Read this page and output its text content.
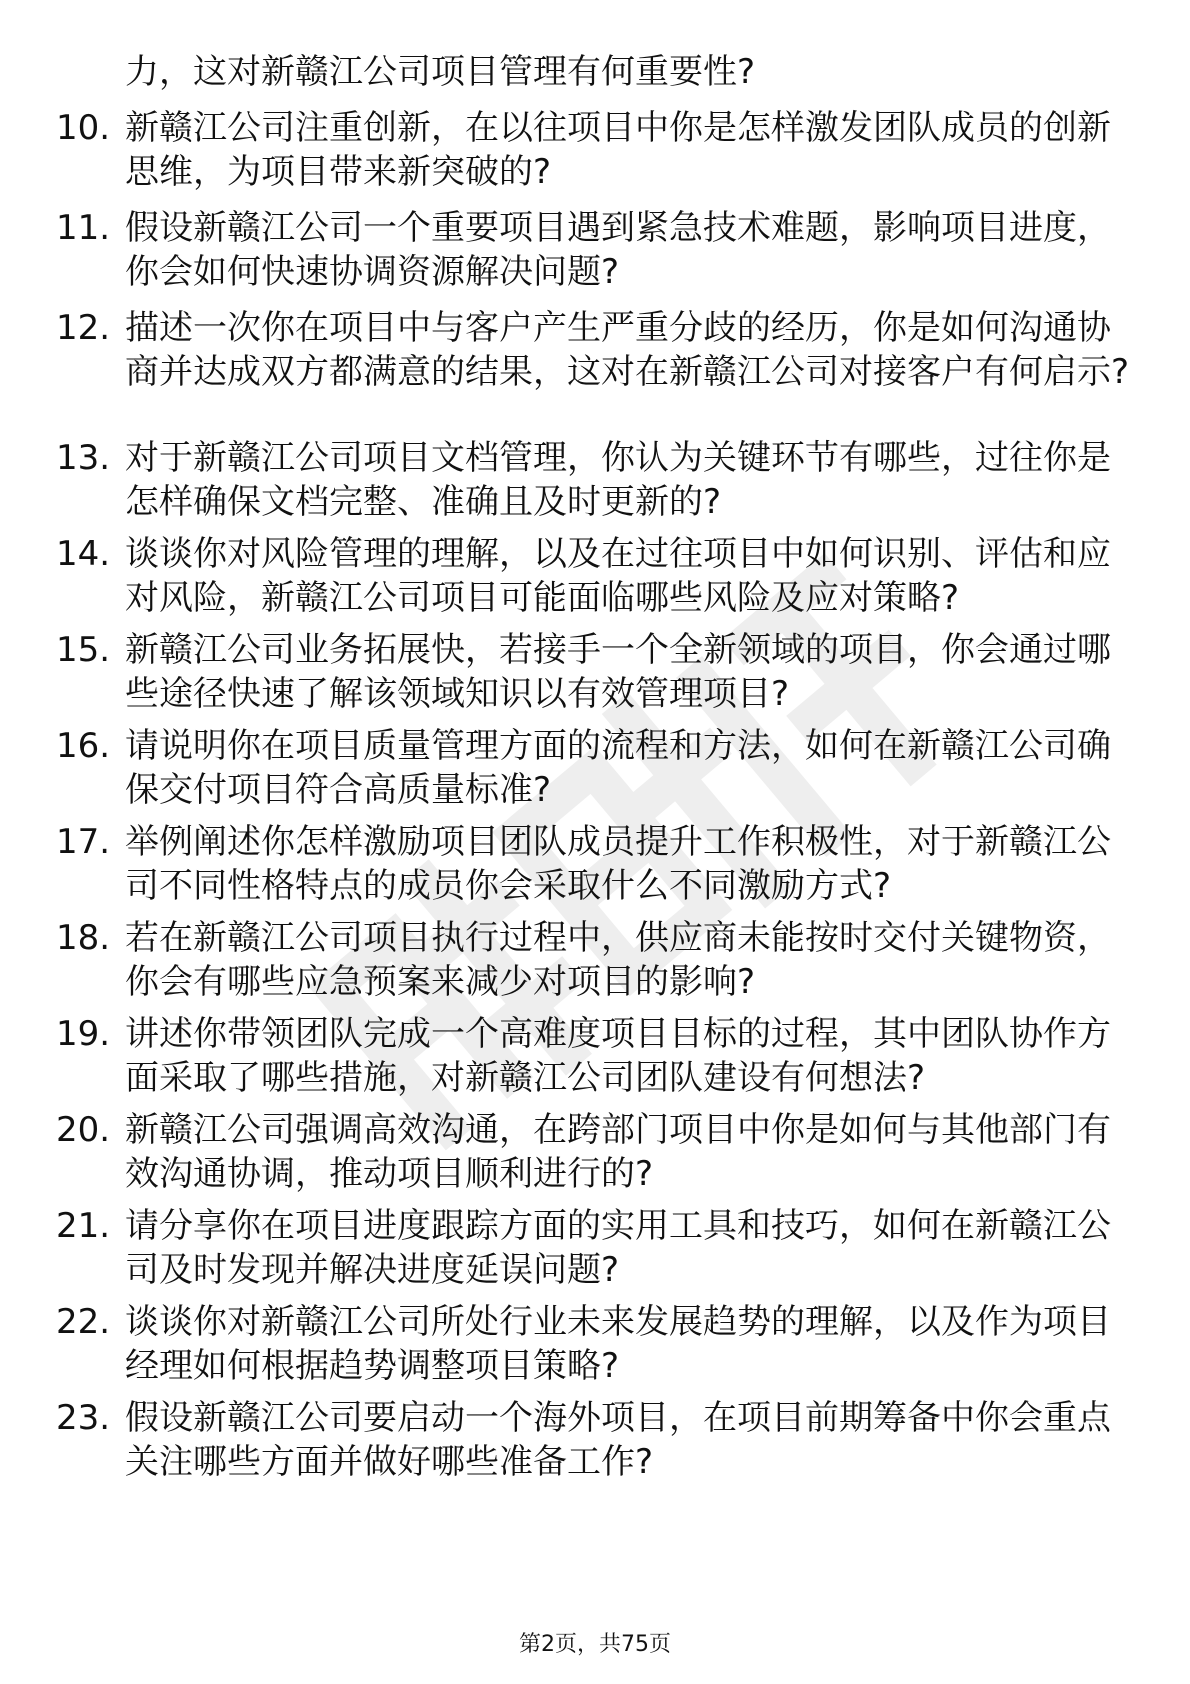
力，这对新赣江公司项目管理有何重要性?
10. 新赣江公司注重创新，在以往项目中你是怎样激发团队成员的创新思维，为项目带来新突破的?
11. 假设新赣江公司一个重要项目遇到紧急技术难题，影响项目进度，你会如何快速协调资源解决问题?
12. 描述一次你在项目中与客户产生严重分歧的经历，你是如何沟通协商并达成双方都满意的结果，这对在新赣江公司对接客户有何启示?
13. 对于新赣江公司项目文档管理，你认为关键环节有哪些，过往你是怎样确保文档完整、准确且及时更新的?
14. 谈谈你对风险管理的理解，以及在过往项目中如何识别、评估和应对风险，新赣江公司项目可能面临哪些风险及应对策略?
15. 新赣江公司业务拓展快，若接手一个全新领域的项目，你会通过哪些途径快速了解该领域知识以有效管理项目?
16. 请说明你在项目质量管理方面的流程和方法，如何在新赣江公司确保交付项目符合高质量标准?
17. 举例阐述你怎样激励项目团队成员提升工作积极性，对于新赣江公司不同性格特点的成员你会采取什么不同激励方式?
18. 若在新赣江公司项目执行过程中，供应商未能按时交付关键物资，你会有哪些应急预案来减少对项目的影响?
19. 讲述你带领团队完成一个高难度项目目标的过程，其中团队协作方面采取了哪些措施，对新赣江公司团队建设有何想法?
20. 新赣江公司强调高效沟通，在跨部门项目中你是如何与其他部门有效沟通协调，推动项目顺利进行的?
21. 请分享你在项目进度跟踪方面的实用工具和技巧，如何在新赣江公司及时发现并解决进度延误问题?
22. 谈谈你对新赣江公司所处行业未来发展趋势的理解，以及作为项目经理如何根据趋势调整项目策略?
23. 假设新赣江公司要启动一个海外项目，在项目前期筹备中你会重点关注哪些方面并做好哪些准备工作?
第2页，共75页
